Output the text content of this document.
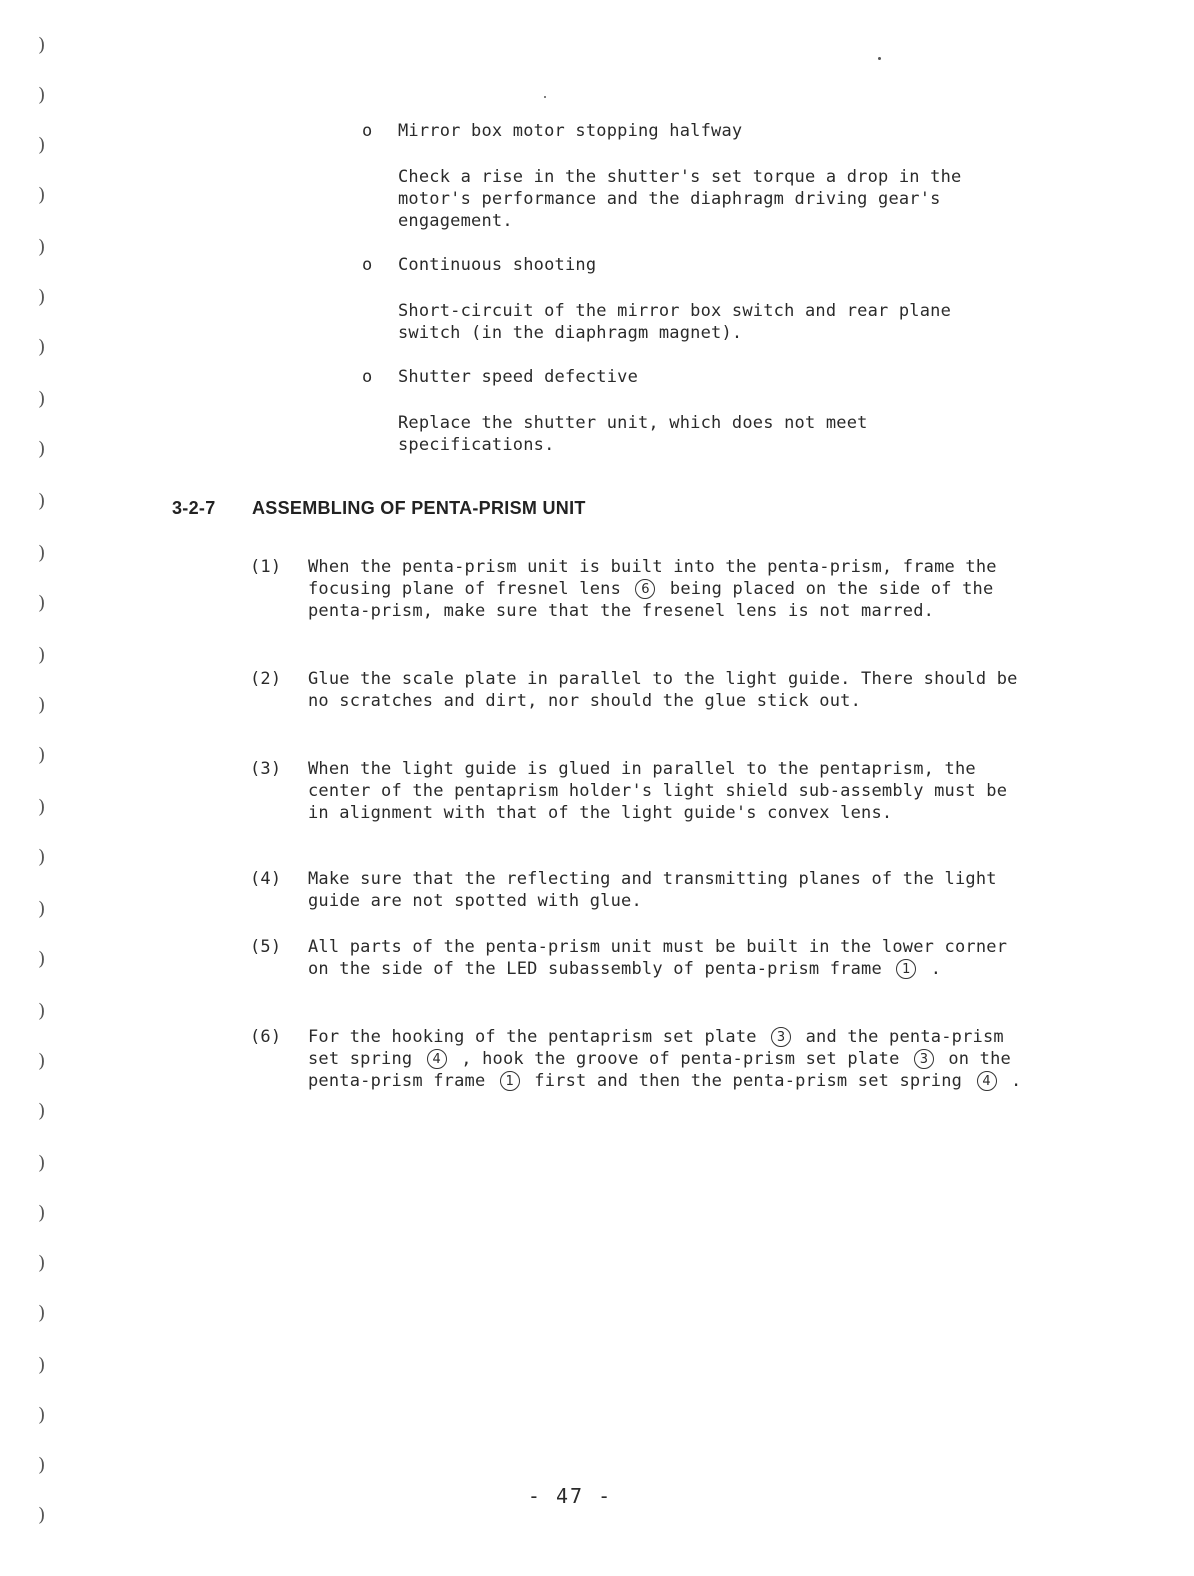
)
)
)
)
)
)
)
)
)
)
)
)
)
)
)
)
)
)
)
)
)
)
)
)
)
)
)
)
)
)
o Mirror box motor stopping halfway
Check a rise in the shutter's set torque a drop in the motor's performance and the diaphragm driving gear's engagement.
o Continuous shooting
Short-circuit of the mirror box switch and rear plane switch (in the diaphragm magnet).
o Shutter speed defective
Replace the shutter unit, which does not meet specifications.
3-2-7 ASSEMBLING OF PENTA-PRISM UNIT
(1) When the penta-prism unit is built into the penta-prism, frame the focusing plane of fresnel lens 6 being placed on the side of the penta-prism, make sure that the fresenel lens is not marred.
(2) Glue the scale plate in parallel to the light guide. There should be no scratches and dirt, nor should the glue stick out.
(3) When the light guide is glued in parallel to the pentaprism, the center of the pentaprism holder's light shield sub-assembly must be in alignment with that of the light guide's convex lens.
(4) Make sure that the reflecting and transmitting planes of the light guide are not spotted with glue.
(5) All parts of the penta-prism unit must be built in the lower corner on the side of the LED subassembly of penta-prism frame 1 .
(6) For the hooking of the pentaprism set plate 3 and the penta-prism set spring 4 , hook the groove of penta-prism set plate 3 on the penta-prism frame 1 first and then the penta-prism set spring 4 .
- 47 -
